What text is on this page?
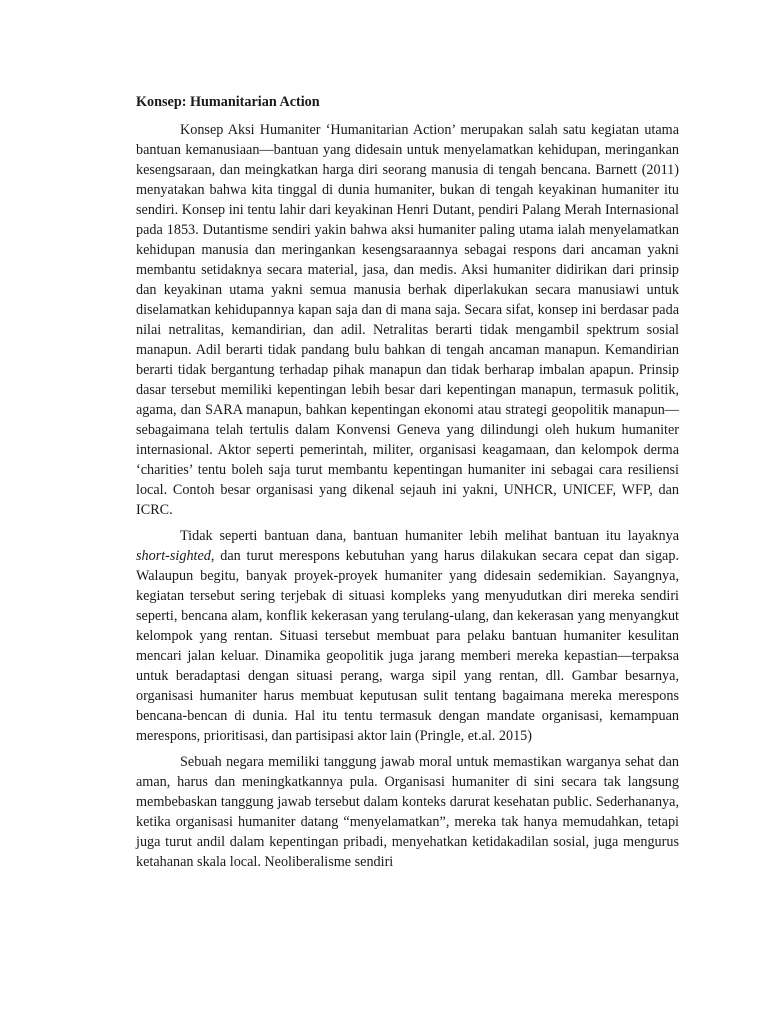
Konsep: Humanitarian Action

Konsep Aksi Humaniter ‘Humanitarian Action’ merupakan salah satu kegiatan utama bantuan kemanusiaan—bantuan yang didesain untuk menyelamatkan kehidupan, meringankan kesengsaraan, dan meingkatkan harga diri seorang manusia di tengah bencana. Barnett (2011) menyatakan bahwa kita tinggal di dunia humaniter, bukan di tengah keyakinan humaniter itu sendiri. Konsep ini tentu lahir dari keyakinan Henri Dutant, pendiri Palang Merah Internasional pada 1853. Dutantisme sendiri yakin bahwa aksi humaniter paling utama ialah menyelamatkan kehidupan manusia dan meringankan kesengsaraannya sebagai respons dari ancaman yakni membantu setidaknya secara material, jasa, dan medis. Aksi humaniter didirikan dari prinsip dan keyakinan utama yakni semua manusia berhak diperlakukan secara manusiawi untuk diselamatkan kehidupannya kapan saja dan di mana saja. Secara sifat, konsep ini berdasar pada nilai netralitas, kemandirian, dan adil. Netralitas berarti tidak mengambil spektrum sosial manapun. Adil berarti tidak pandang bulu bahkan di tengah ancaman manapun. Kemandirian berarti tidak bergantung terhadap pihak manapun dan tidak berharap imbalan apapun. Prinsip dasar tersebut memiliki kepentingan lebih besar dari kepentingan manapun, termasuk politik, agama, dan SARA manapun, bahkan kepentingan ekonomi atau strategi geopolitik manapun—sebagaimana telah tertulis dalam Konvensi Geneva yang dilindungi oleh hukum humaniter internasional. Aktor seperti pemerintah, militer, organisasi keagamaan, dan kelompok derma ‘charities’ tentu boleh saja turut membantu kepentingan humaniter ini sebagai cara resiliensi local. Contoh besar organisasi yang dikenal sejauh ini yakni, UNHCR, UNICEF, WFP, dan ICRC.

Tidak seperti bantuan dana, bantuan humaniter lebih melihat bantuan itu layaknya short-sighted, dan turut merespons kebutuhan yang harus dilakukan secara cepat dan sigap. Walaupun begitu, banyak proyek-proyek humaniter yang didesain sedemikian. Sayangnya, kegiatan tersebut sering terjebak di situasi kompleks yang menyudutkan diri mereka sendiri seperti, bencana alam, konflik kekerasan yang terulang-ulang, dan kekerasan yang menyangkut kelompok yang rentan. Situasi tersebut membuat para pelaku bantuan humaniter kesulitan mencari jalan keluar. Dinamika geopolitik juga jarang memberi mereka kepastian—terpaksa untuk beradaptasi dengan situasi perang, warga sipil yang rentan, dll. Gambar besarnya, organisasi humaniter harus membuat keputusan sulit tentang bagaimana mereka merespons bencana-bencan di dunia. Hal itu tentu termasuk dengan mandate organisasi, kemampuan merespons, prioritisasi, dan partisipasi aktor lain (Pringle, et.al. 2015)

Sebuah negara memiliki tanggung jawab moral untuk memastikan warganya sehat dan aman, harus dan meningkatkannya pula. Organisasi humaniter di sini secara tak langsung membebaskan tanggung jawab tersebut dalam konteks darurat kesehatan public. Sederhananya, ketika organisasi humaniter datang “menyelamatkan”, mereka tak hanya memudahkan, tetapi juga turut andil dalam kepentingan pribadi, menyehatkan ketidakadilan sosial, juga mengurus ketahanan skala local. Neoliberalisme sendiri
